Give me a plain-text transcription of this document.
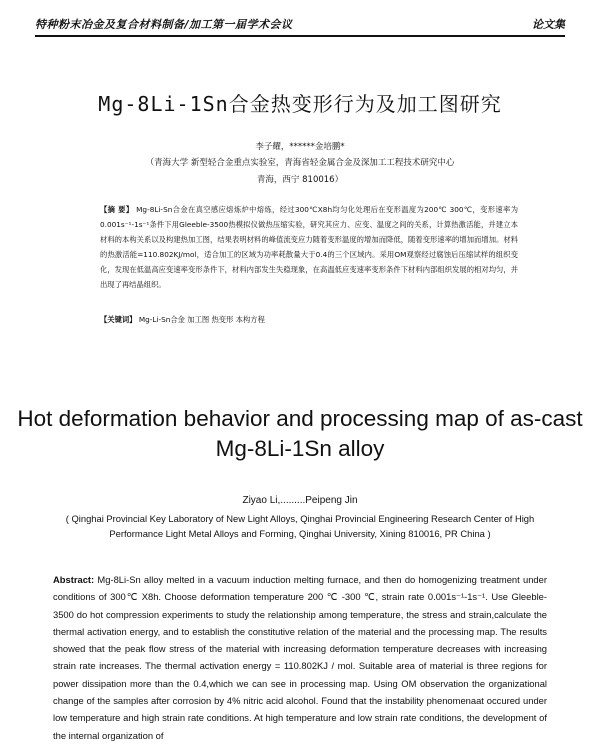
特种粉末冶金及复合材料制备/加工第一届学术会议	论文集
Mg-8Li-1Sn合金热变形行为及加工图研究
李子耀，******金培鹏*
（青海大学 新型轻合金重点实验室，青海省轻金属合金及深加工工程技术研究中心
青海，西宁 810016）
【摘 要】 Mg-8Li-Sn合金在真空感应熔炼炉中熔炼，经过300℃X8h均匀化处理后在变形温度为200℃ 300℃，变形速率为0.001s⁻¹-1s⁻¹条件下用Gleeble-3500热模拟仪做热压缩实验，研究其应力、应变、温度之间的关系，计算热激活能，并建立本材料的本构关系以及构建热加工图，结果表明材料的峰值流变应力随着变形温度的增加而降低，随着变形速率的增加而增加。材料的热激活能=110.802KJ/mol，适合加工的区域为功率耗散量大于0.4的三个区域内。采用OM观察经过腐蚀后压缩试样的组织变化，发现在低温高应变速率变形条件下，材料内部发生失稳现象，在高温低应变速率变形条件下材料内部组织发展的相对均匀，并出现了再结晶组织。
【关键词】 Mg-Li-Sn合金 加工图 热变形 本构方程
Hot deformation behavior and processing map of as-cast Mg-8Li-1Sn alloy
Ziyao Li,.........Peipeng Jin
( Qinghai Provincial Key Laboratory of New Light Alloys, Qinghai Provincial Engineering Research Center of High Performance Light Metal Alloys and Forming, Qinghai University, Xining 810016, PR China )
Abstract: Mg-8Li-Sn alloy melted in a vacuum induction melting furnace, and then do homogenizing treatment under conditions of 300℃ X8h. Choose deformation temperature 200 ℃ -300 ℃, strain rate 0.001s⁻¹-1s⁻¹. Use Gleeble-3500 do hot compression experiments to study the relationship among temperature, the stress and strain,calculate the thermal activation energy, and to establish the constitutive relation of the material and the processing map. The results showed that the peak flow stress of the material with increasing deformation temperature decreases with increasing strain rate increases. The thermal activation energy = 110.802KJ / mol. Suitable area of material is three regions for power dissipation more than the 0.4,which we can see in processing map. Using OM observation the organizational change of the samples after corrosion by 4% nitric acid alcohol. Found that the instability phenomenaat occured under low temperature and high strain rate conditions. At high temperature and low strain rate conditions, the development of the internal organization of
